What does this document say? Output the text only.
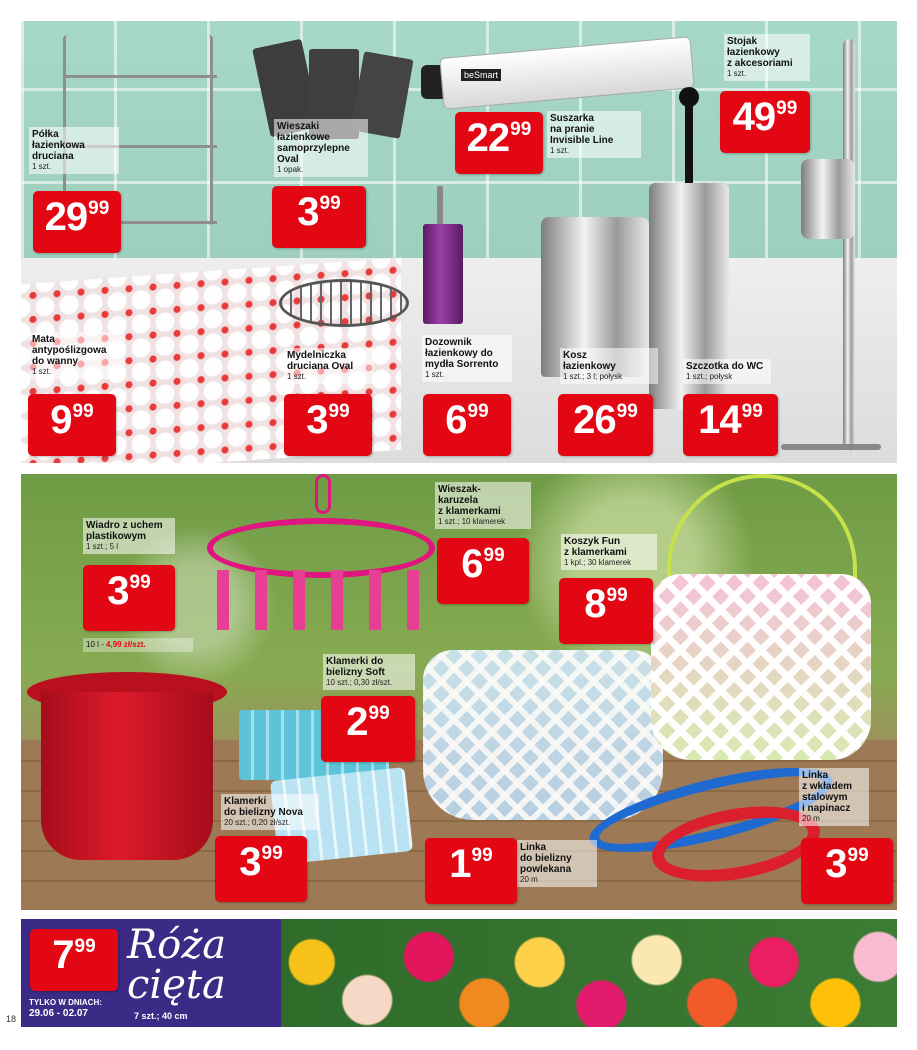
beSmart
Półka
łazienkowa
druciana
1 szt.
Wieszaki
łazienkowe
samoprzylepne
Oval
1 opak.
Suszarka
na pranie
Invisible Line
1 szt.
Stojak
łazienkowy
z akcesoriami
1 szt.
Mata
antypoślizgowa
do wanny
1 szt.
Mydelniczka
druciana Oval
1 szt.
Dozownik
łazienkowy do
mydła Sorrento
1 szt.
Kosz
łazienkowy
1 szt.; 3 l; połysk
Szczotka do WC
1 szt.; połysk
29 99	3 99
22 99	49 99
9 99	3 99 6 99 26 99 14 99
Wiadro z uchem
plastikowym
1 szt.; 5 l
10 l - 4,99 zł/szt.
Wieszak-
karuzela
z klamerkami
1 szt.; 10 klamerek
Koszyk Fun
z klamerkami
1 kpl.; 30 klamerek
Klamerki do
bielizny Soft
10 szt.; 0,30 zł/szt.
Klamerki
do bielizny Nova
20 szt.; 0,20 zł/szt.
Linka
do bielizny
powlekana
20 m
Linka
z wkładem
stalowym
i napinacz
20 m
3 99	6 99
8 99
2 99
3 99	1 99	3 99
7 99 Róża
cięta
TYLKO W DNIACH:
29.06 - 02.07	7 szt.; 40 cm
18
